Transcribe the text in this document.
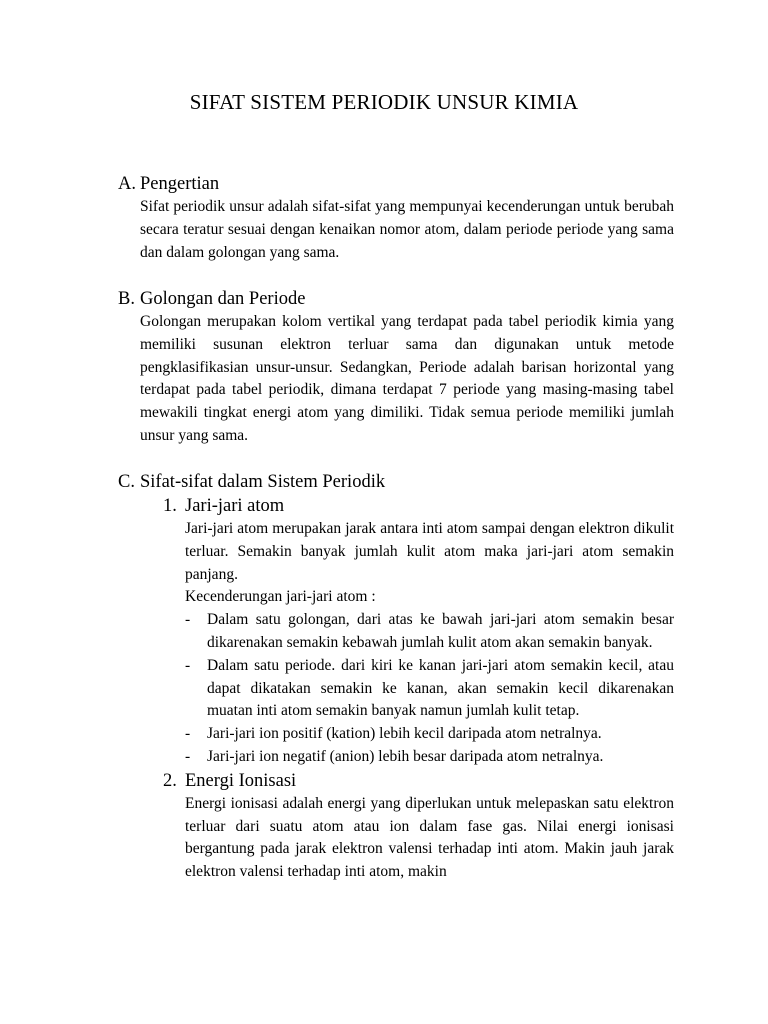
SIFAT SISTEM PERIODIK UNSUR KIMIA
A. Pengertian

Sifat periodik unsur adalah sifat-sifat yang mempunyai kecenderungan untuk berubah secara teratur sesuai dengan kenaikan nomor atom, dalam periode periode yang sama dan dalam golongan yang sama.

B. Golongan dan Periode

Golongan merupakan kolom vertikal yang terdapat pada tabel periodik kimia yang memiliki susunan elektron terluar sama dan digunakan untuk metode pengklasifikasian unsur-unsur. Sedangkan, Periode adalah barisan horizontal yang terdapat pada tabel periodik, dimana terdapat 7 periode yang masing-masing tabel mewakili tingkat energi atom yang dimiliki. Tidak semua periode memiliki jumlah unsur yang sama.

C. Sifat-sifat dalam Sistem Periodik
1. Jari-jari atom

Jari-jari atom merupakan jarak antara inti atom sampai dengan elektron dikulit terluar. Semakin banyak jumlah kulit atom maka jari-jari atom semakin panjang.

Kecenderungan jari-jari atom :

-	Dalam satu golongan, dari atas ke bawah jari-jari atom semakin besar dikarenakan semakin kebawah jumlah kulit atom akan semakin banyak.
-	Dalam satu periode. dari kiri ke kanan jari-jari atom semakin kecil, atau dapat dikatakan semakin ke kanan, akan semakin kecil dikarenakan muatan inti atom semakin banyak namun jumlah kulit tetap.
-	Jari-jari ion positif (kation) lebih kecil daripada atom netralnya.
-	Jari-jari ion negatif (anion) lebih besar daripada atom netralnya.
2. Energi Ionisasi

Energi ionisasi adalah energi yang diperlukan untuk melepaskan satu elektron terluar dari suatu atom atau ion dalam fase gas. Nilai energi ionisasi bergantung pada jarak elektron valensi terhadap inti atom. Makin jauh jarak elektron valensi terhadap inti atom, makin
